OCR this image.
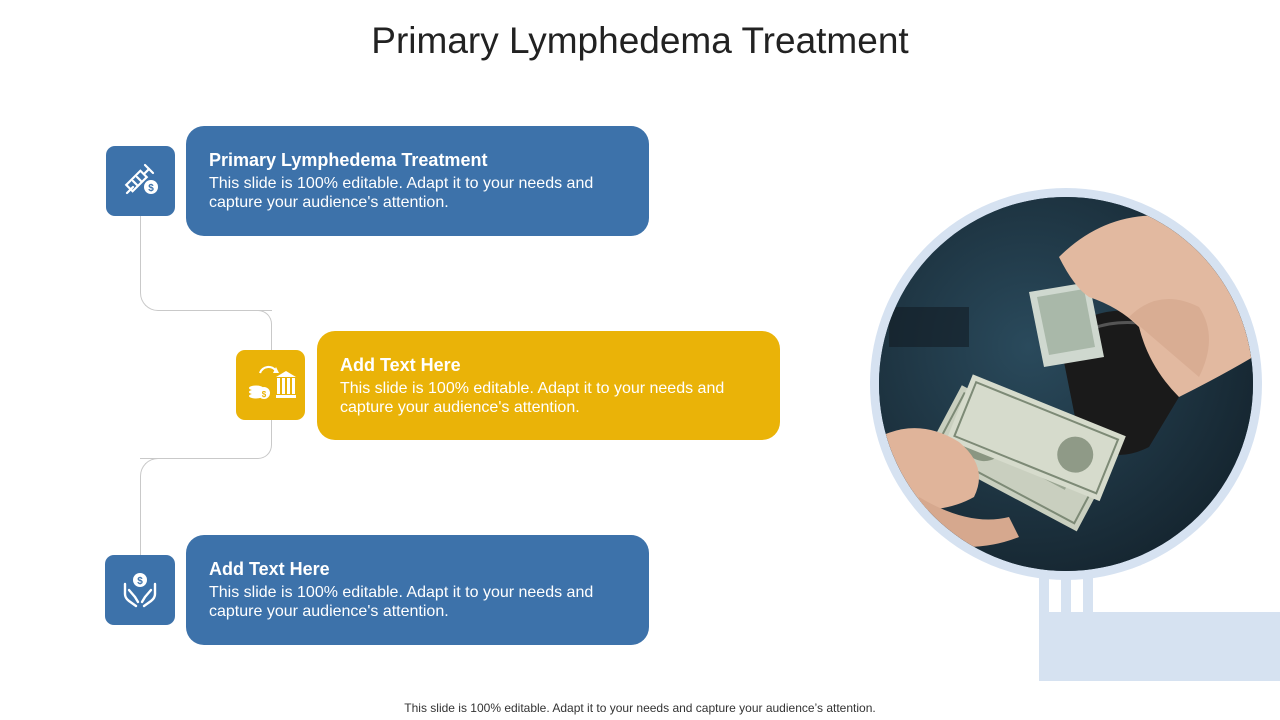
Primary Lymphedema Treatment
$
Primary Lymphedema Treatment
This slide is 100% editable. Adapt it to your needs and capture your audience's attention.
$
Add Text Here
This slide is 100% editable. Adapt it to your needs and capture your audience's attention.
$
Add Text Here
This slide is 100% editable. Adapt it to your needs and capture your audience's attention.
This slide is 100% editable. Adapt it to your needs and capture your audience’s attention.
